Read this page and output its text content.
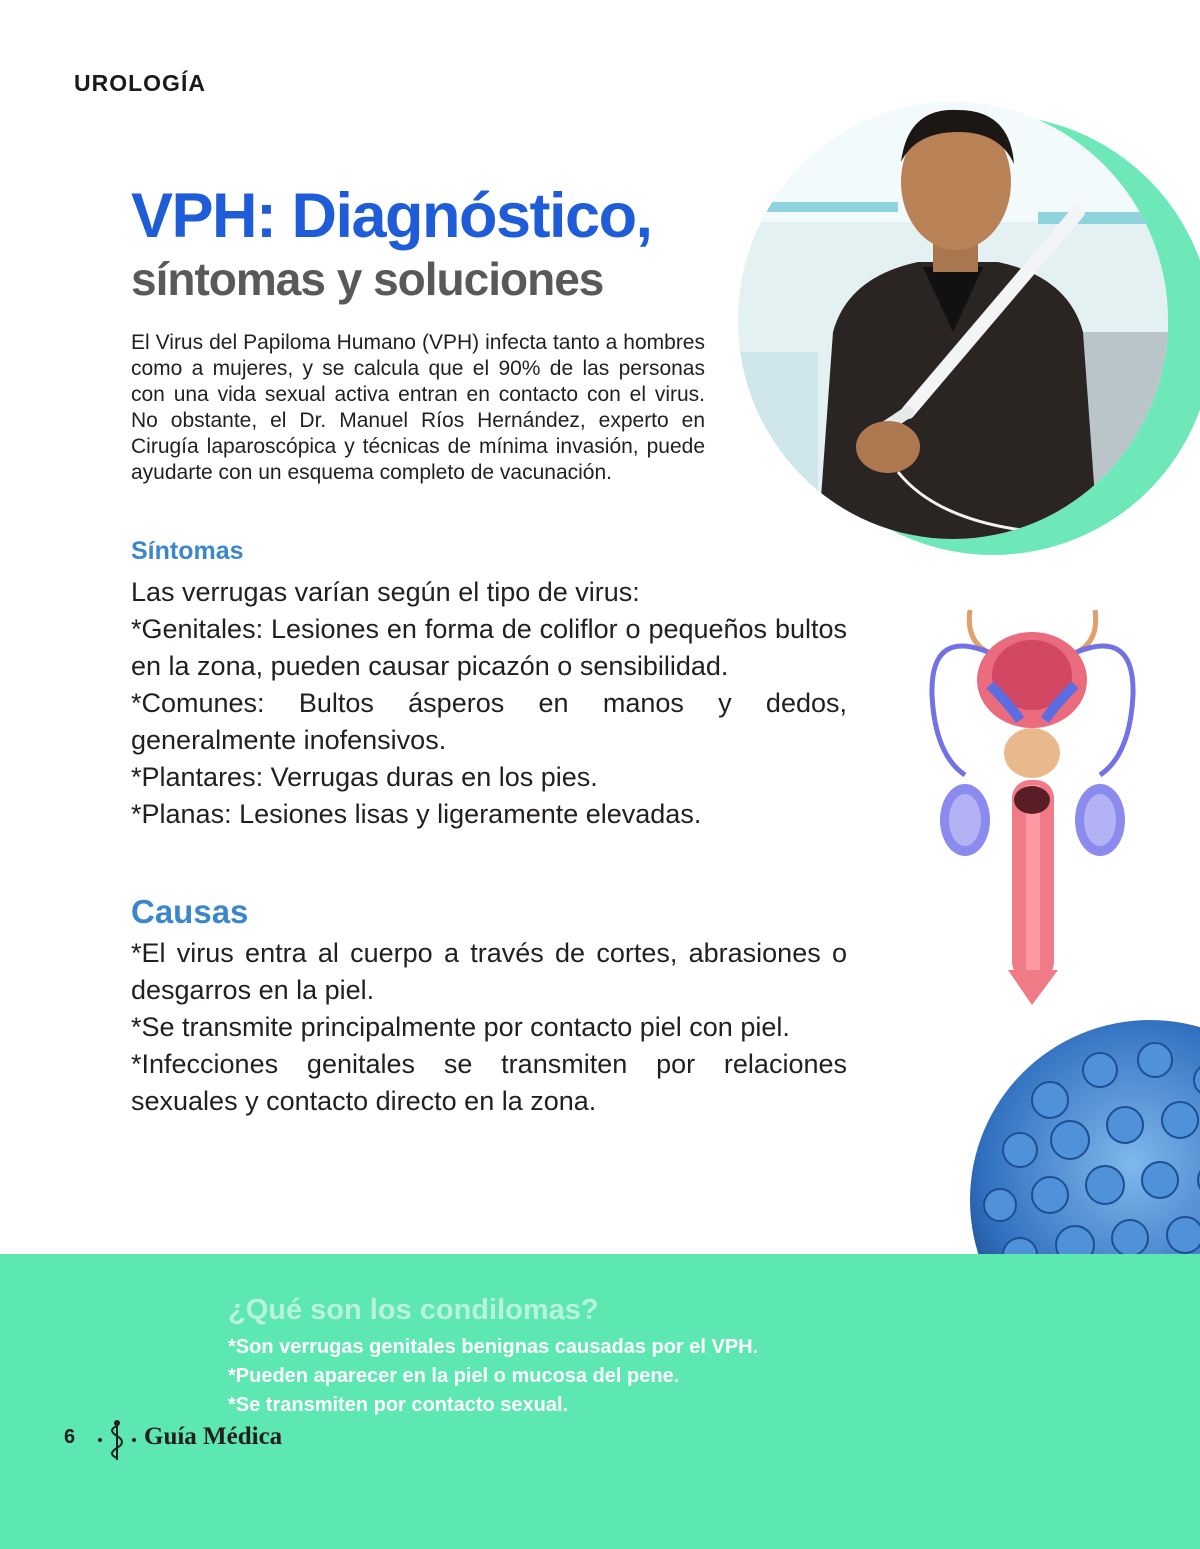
UROLOGÍA
VPH: Diagnóstico,
síntomas y soluciones

El Virus del Papiloma Humano (VPH) infecta tanto a hombres como a mujeres, y se calcula que el 90% de las personas con una vida sexual activa entran en contacto con el virus. No obstante, el Dr. Manuel Ríos Hernández, experto en Cirugía laparoscópica y técnicas de mínima invasión, puede ayudarte con un esquema completo de vacunación.

Síntomas

Las verrugas varían según el tipo de virus:

*Genitales: Lesiones en forma de coliflor o pequeños bultos en la zona, pueden causar picazón o sensibilidad.

*Comunes: Bultos ásperos en manos y dedos, generalmente inofensivos.

*Plantares: Verrugas duras en los pies.

*Planas: Lesiones lisas y ligeramente elevadas.

Causas

*El virus entra al cuerpo a través de cortes, abrasiones o desgarros en la piel.

*Se transmite principalmente por contacto piel con piel.

*Infecciones genitales se transmiten por relaciones sexuales y contacto directo en la zona.

¿Qué son los condilomas?

*Son verrugas genitales benignas causadas por el VPH.

*Pueden aparecer en la piel o mucosa del pene.

*Se transmiten por contacto sexual.

6	Guía Médica
